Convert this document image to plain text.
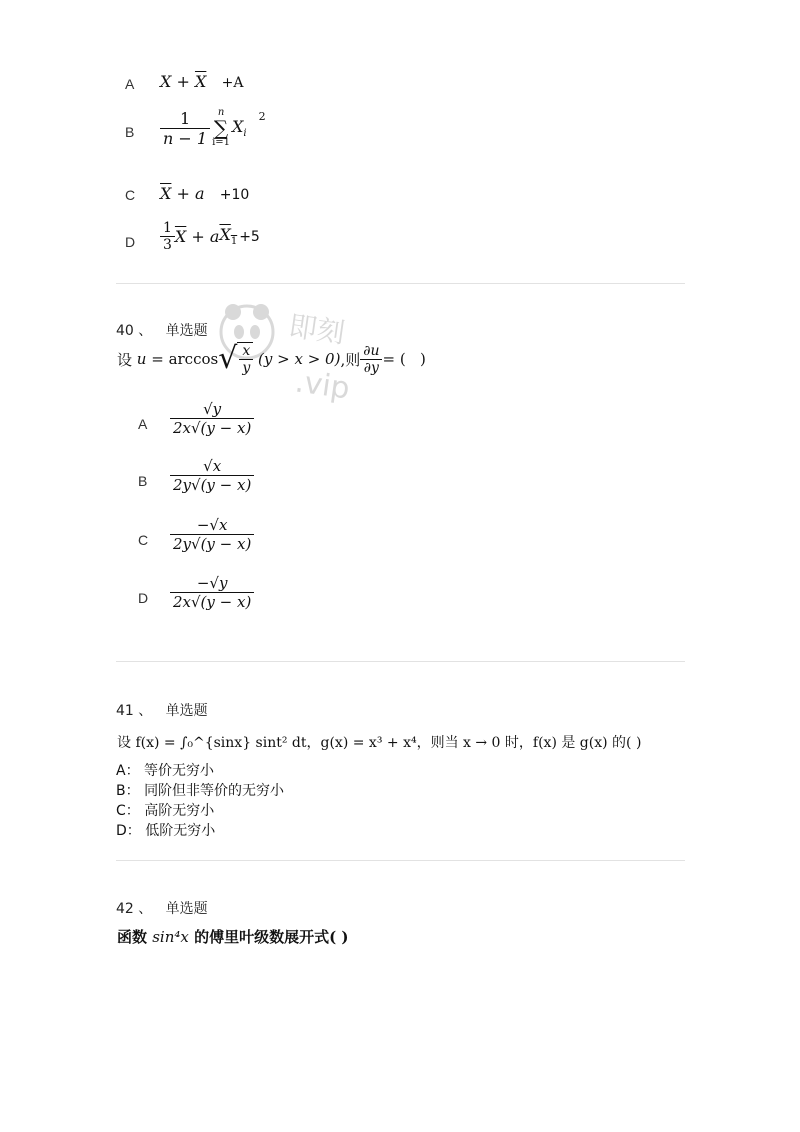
即刻
.vip
A $X + \overline{X} +A$
B $\frac{1}{n - 1}$ n
∑
i=1
$X_i$
2
C $\overline{X} + a +10$
D $\frac{1}{3} \overline{X} + a$ $X_1 +5$
40 、 单选题
设 u
= arccos √ $\frac{x}{y}$
(y > x > 0) ,则 $\frac{\partial u}{\partial y}$ = (   )
A $\frac{√y}{2x√(y - x)}$
B $\frac{√x}{2y√(y - x)}$
C $\frac{-√x}{2y√(y - x)}$
D $\frac{-√y}{2x√(y - x)}$
41 、 单选题
设 f(x) = ∫₀^{sinx} sint² dt，g(x) = x³ + x⁴，则当 x → 0 时，f(x) 是 g(x) 的( )
A： 等价无穷小
B： 同阶但非等价的无穷小
C： 高阶无穷小
D： 低阶无穷小
42 、 单选题
函数 sin⁴x 的傅里叶级数展开式( )
